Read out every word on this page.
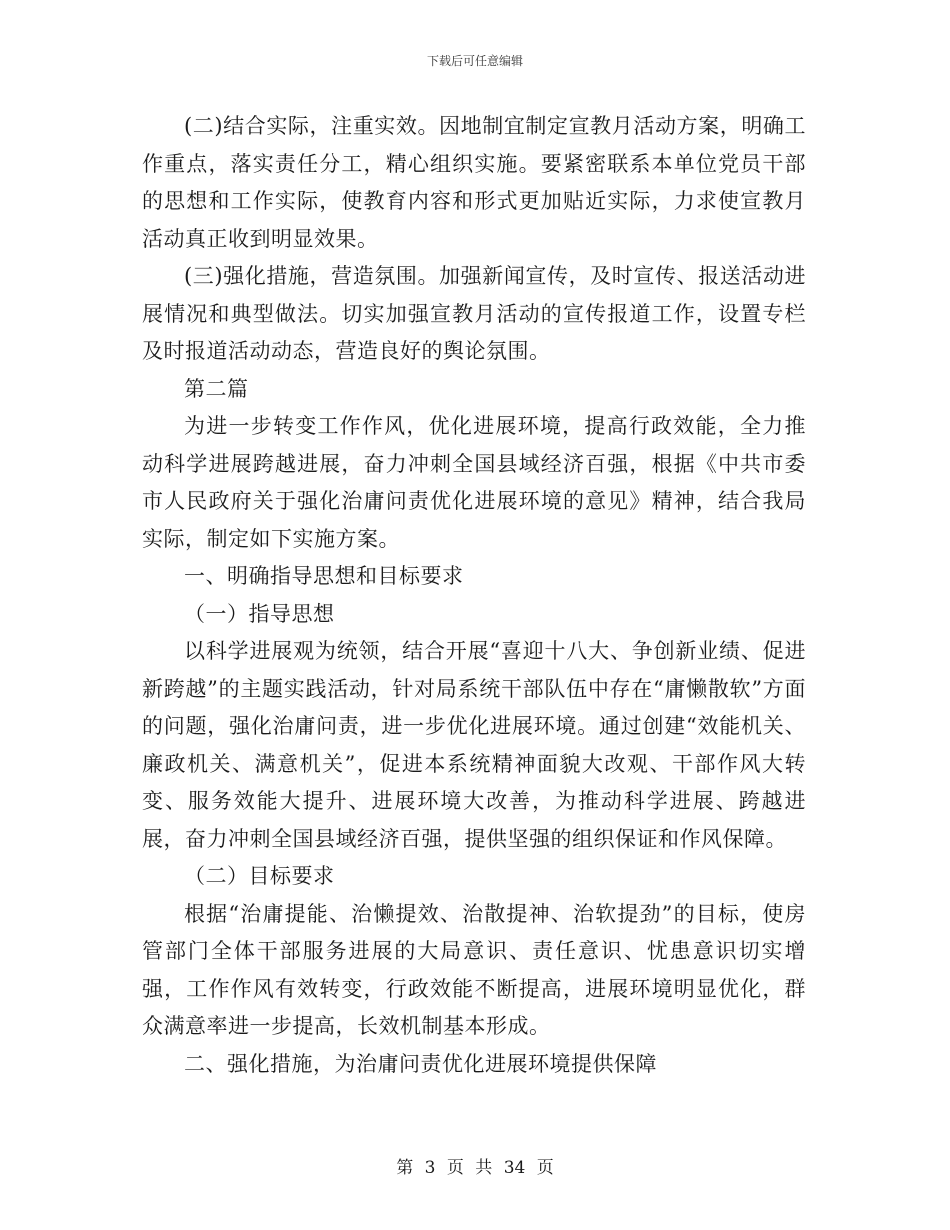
下载后可任意编辑

(二)结合实际，注重实效。因地制宜制定宣教月活动方案，明确工作重点，落实责任分工，精心组织实施。要紧密联系本单位党员干部的思想和工作实际，使教育内容和形式更加贴近实际，力求使宣教月活动真正收到明显效果。

(三)强化措施，营造氛围。加强新闻宣传，及时宣传、报送活动进展情况和典型做法。切实加强宣教月活动的宣传报道工作，设置专栏及时报道活动动态，营造良好的舆论氛围。

第二篇

为进一步转变工作作风，优化进展环境，提高行政效能，全力推动科学进展跨越进展，奋力冲刺全国县域经济百强，根据《中共市委市人民政府关于强化治庸问责优化进展环境的意见》精神，结合我局实际，制定如下实施方案。

一、明确指导思想和目标要求

（一）指导思想

以科学进展观为统领，结合开展“喜迎十八大、争创新业绩、促进新跨越”的主题实践活动，针对局系统干部队伍中存在“庸懒散软”方面的问题，强化治庸问责，进一步优化进展环境。通过创建“效能机关、廉政机关、满意机关”，促进本系统精神面貌大改观、干部作风大转变、服务效能大提升、进展环境大改善，为推动科学进展、跨越进展，奋力冲刺全国县域经济百强，提供坚强的组织保证和作风保障。

（二）目标要求

根据“治庸提能、治懒提效、治散提神、治软提劲”的目标，使房管部门全体干部服务进展的大局意识、责任意识、忧患意识切实增强，工作作风有效转变，行政效能不断提高，进展环境明显优化，群众满意率进一步提高，长效机制基本形成。

二、强化措施，为治庸问责优化进展环境提供保障

第 3 页 共 34 页
